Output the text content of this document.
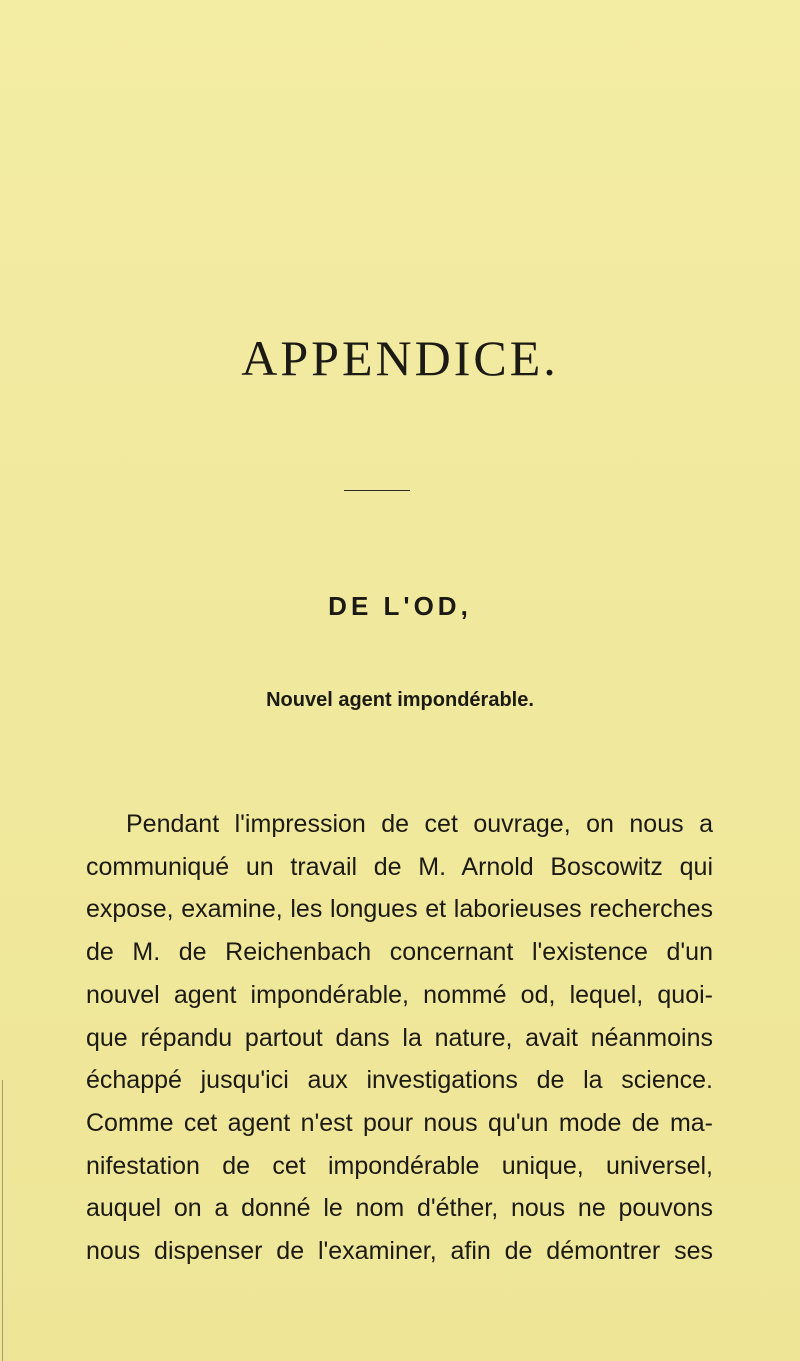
APPENDICE.
DE L'OD,

Nouvel agent impondérable.

Pendant l'impression de cet ouvrage, on nous a
communiqué un travail de M. Arnold Boscowitz qui
expose, examine, les longues et laborieuses recherches
de M. de Reichenbach concernant l'existence d'un
nouvel agent impondérable, nommé od, lequel, quoi-
que répandu partout dans la nature, avait néanmoins
échappé jusqu'ici aux investigations de la science.
Comme cet agent n'est pour nous qu'un mode de ma-
nifestation de cet impondérable unique, universel,
auquel on a donné le nom d'éther, nous ne pouvons
nous dispenser de l'examiner, afin de démontrer ses
